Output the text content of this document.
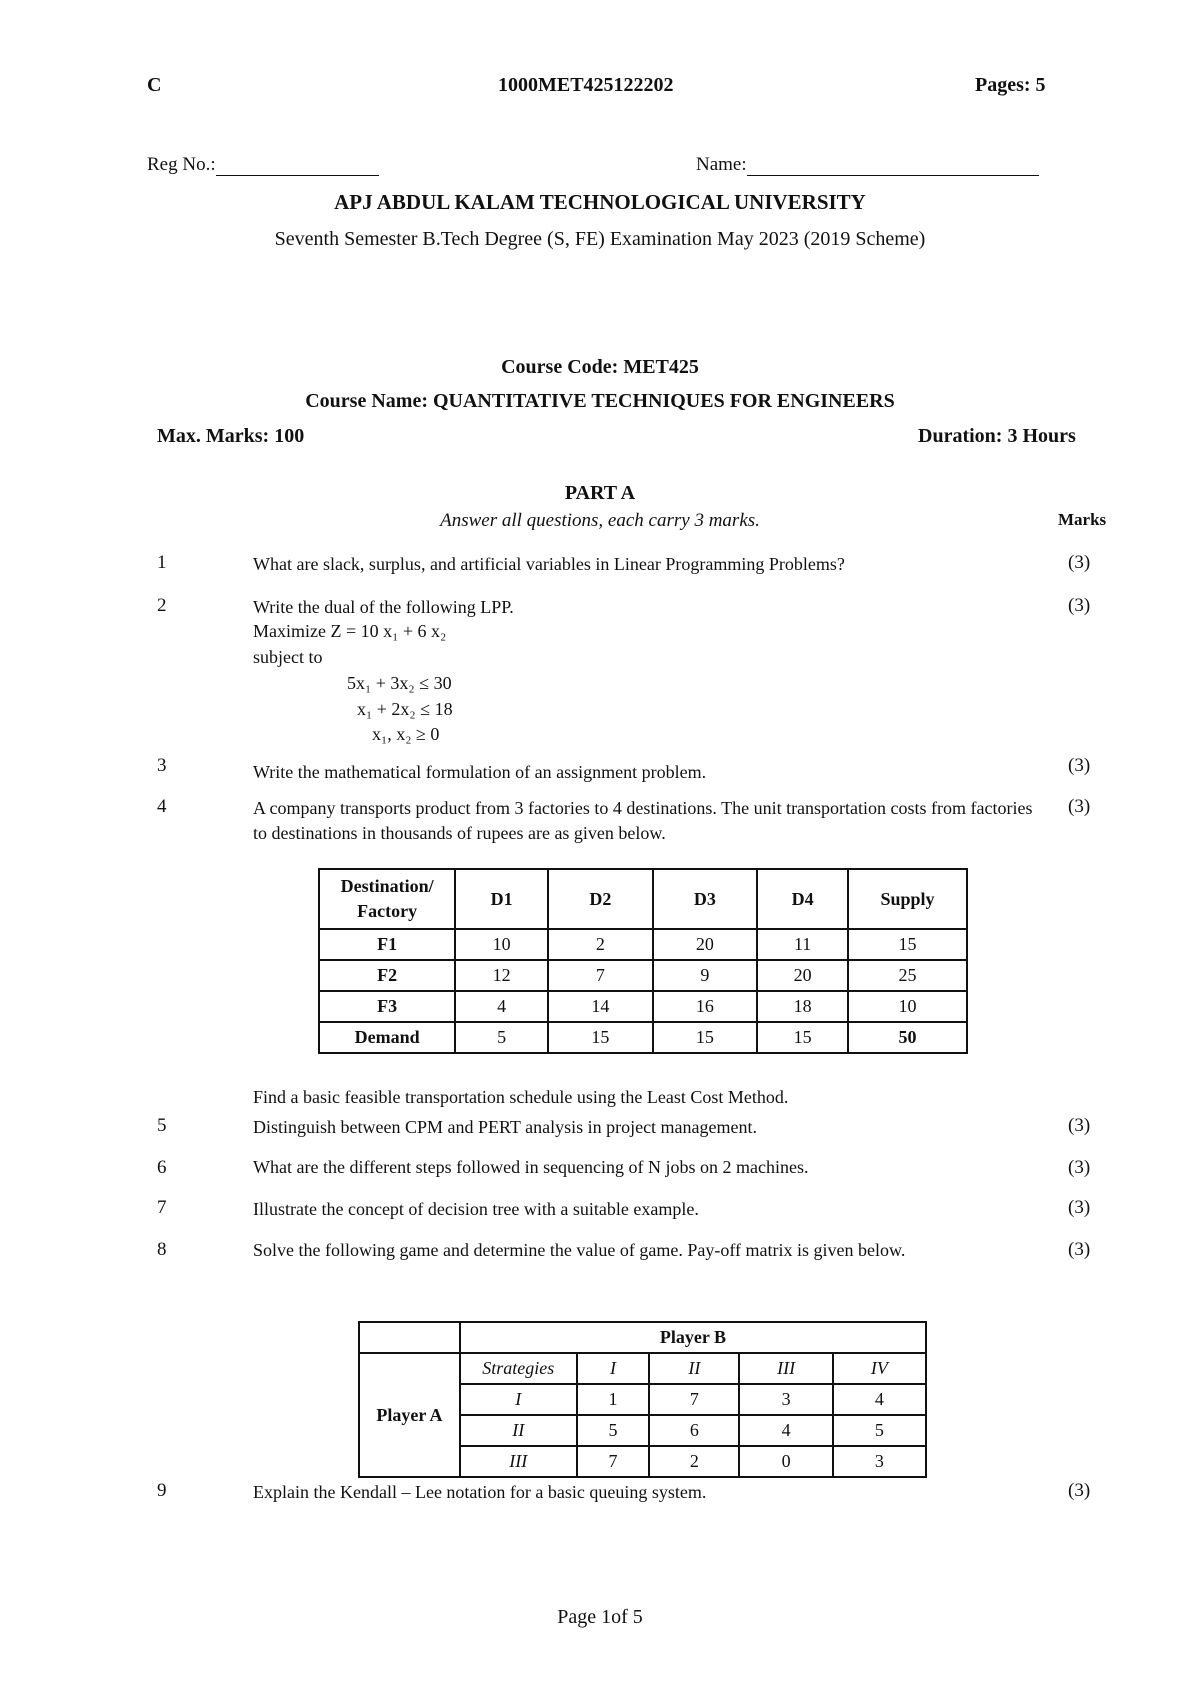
C	1000MET425122202	Pages: 5
Reg No.:	Name:
APJ ABDUL KALAM TECHNOLOGICAL UNIVERSITY
Seventh Semester B.Tech Degree (S, FE) Examination May 2023 (2019 Scheme)
Course Code: MET425
Course Name: QUANTITATIVE TECHNIQUES FOR ENGINEERS
Max. Marks: 100	Duration: 3 Hours
PART A
Answer all questions, each carry 3 marks.	Marks
1	What are slack, surplus, and artificial variables in Linear Programming Problems?	(3)
2	Write the dual of the following LPP.	(3)
Maximize Z = 10 x₁ + 6 x₂
subject to
5x₁ + 3x₂ ≤ 30
x₁ + 2x₂ ≤ 18
x₁, x₂ ≥ 0
3	Write the mathematical formulation of an assignment problem.	(3)
4	A company transports product from 3 factories to 4 destinations. The unit transportation costs from factories to destinations in thousands of rupees are as given below.
(3)
Destination/ Factory	D1	D2	D3	D4	Supply
F1	10	2	20	11	15
F2	12	7	9	20	25
F3	4	14	16	18	10
Demand	5	15	15	15	50
Find a basic feasible transportation schedule using the Least Cost Method.
5	Distinguish between CPM and PERT analysis in project management.	(3)
6	What are the different steps followed in sequencing of N jobs on 2 machines.	(3)
7	Illustrate the concept of decision tree with a suitable example.	(3)
8	Solve the following game and determine the value of game. Pay-off matrix is given below.	(3)
	Player B				
Player A	Strategies	I	II	III	IV
	I	1	7	3	4
	II	5	6	4	5
	III	7	2	0	3
9	Explain the Kendall – Lee notation for a basic queuing system.	(3)
Page 1of 5
